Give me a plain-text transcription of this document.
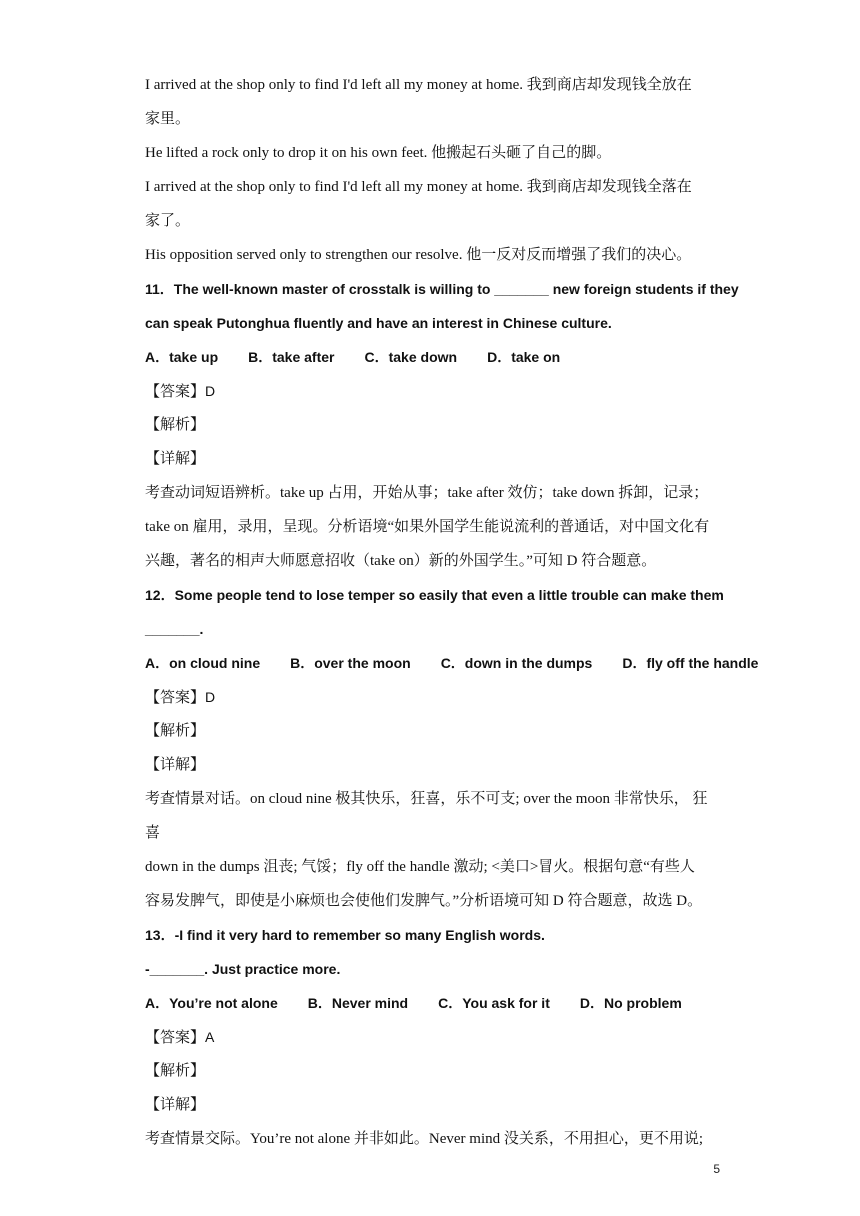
I arrived at the shop only to find I'd left all my money at home. 我到商店却发现钱全放在
家里。
He lifted a rock only to drop it on his own feet. 他搬起石头砸了自己的脚。
I arrived at the shop only to find I'd left all my money at home. 我到商店却发现钱全落在
家了。
His opposition served only to strengthen our resolve. 他一反对反而增强了我们的决心。
11．The well-known master of crosstalk is willing to _______ new foreign students if they
can speak Putonghua fluently and have an interest in Chinese culture.
A．take up B．take after C．take down D．take on
【答案】D
【解析】
【详解】
考查动词短语辨析。take up 占用，开始从事；take after 效仿；take down 拆卸，记录；
take on 雇用，录用，呈现。分析语境“如果外国学生能说流利的普通话，对中国文化有
兴趣，著名的相声大师愿意招收（take on）新的外国学生。”可知 D 符合题意。
12．Some people tend to lose temper so easily that even a little trouble can make them
_______.
A．on cloud nine B．over the moon C．down in the dumps D．fly off the handle
【答案】D
【解析】
【详解】
考查情景对话。on cloud nine 极其快乐，狂喜，乐不可支; over the moon 非常快乐， 狂
喜
down in the dumps 沮丧; 气馁；fly off the handle 激动; <美口>冒火。根据句意“有些人
容易发脾气，即使是小麻烦也会使他们发脾气。”分析语境可知 D 符合题意，故选 D。
13．-I find it very hard to remember so many English words.
-_______. Just practice more.
A．You’re not alone B．Never mind C．You ask for it D．No problem
【答案】A
【解析】
【详解】
考查情景交际。You’re not alone 并非如此。Never mind 没关系，不用担心，更不用说;
5
